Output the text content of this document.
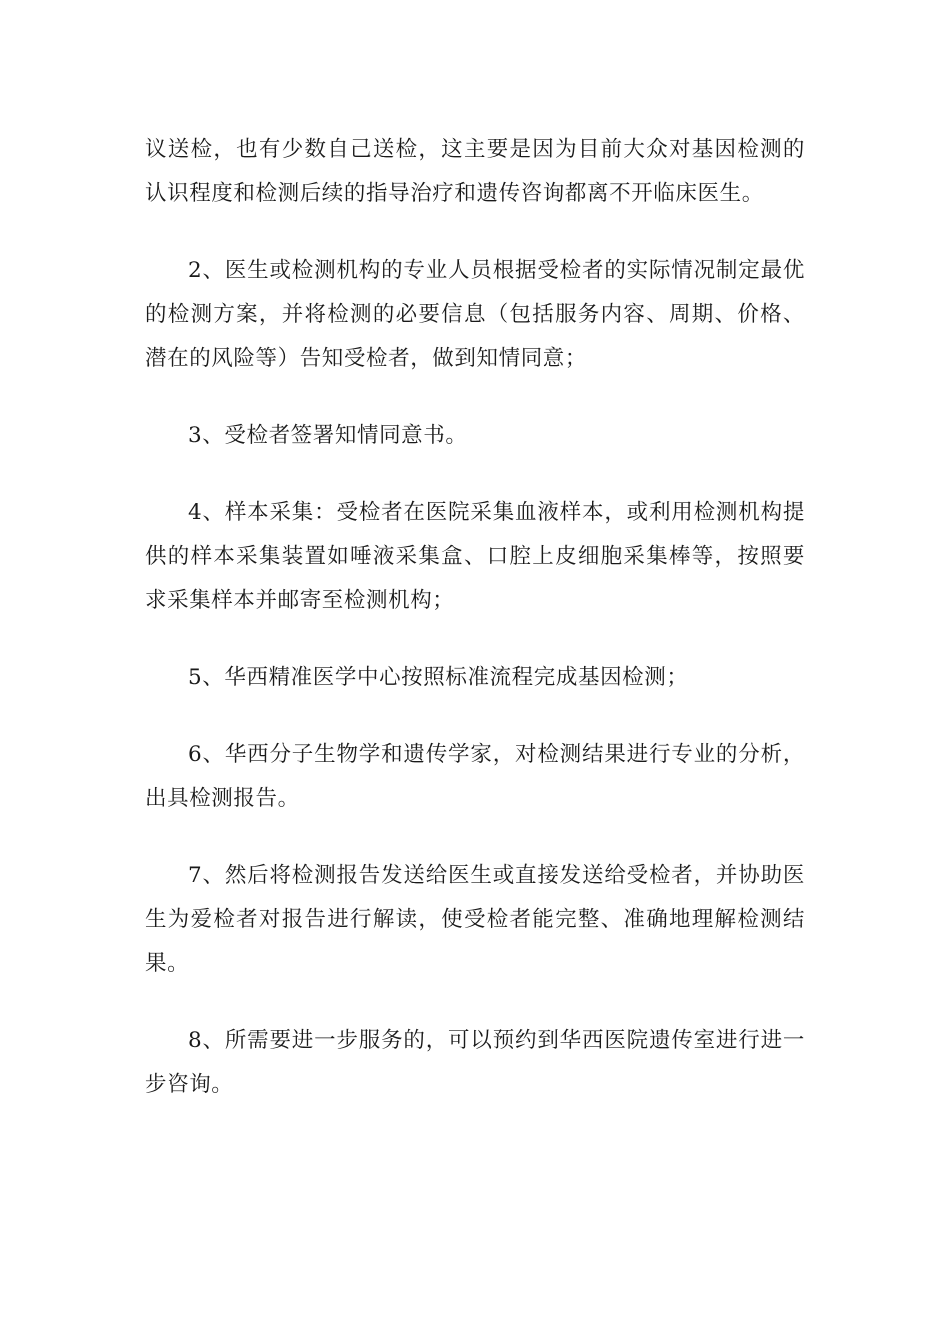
议送检，也有少数自己送检，这主要是因为目前大众对基因检测的认识程度和检测后续的指导治疗和遗传咨询都离不开临床医生。

2、医生或检测机构的专业人员根据受检者的实际情况制定最优的检测方案，并将检测的必要信息（包括服务内容、周期、价格、潜在的风险等）告知受检者，做到知情同意；

3、受检者签署知情同意书。

4、样本采集：受检者在医院采集血液样本，或利用检测机构提供的样本采集装置如唾液采集盒、口腔上皮细胞采集棒等，按照要求采集样本并邮寄至检测机构；

5、华西精准医学中心按照标准流程完成基因检测；

6、华西分子生物学和遗传学家，对检测结果进行专业的分析，出具检测报告。

7、然后将检测报告发送给医生或直接发送给受检者，并协助医生为爱检者对报告进行解读，使受检者能完整、准确地理解检测结果。

8、所需要进一步服务的，可以预约到华西医院遗传室进行进一步咨询。
